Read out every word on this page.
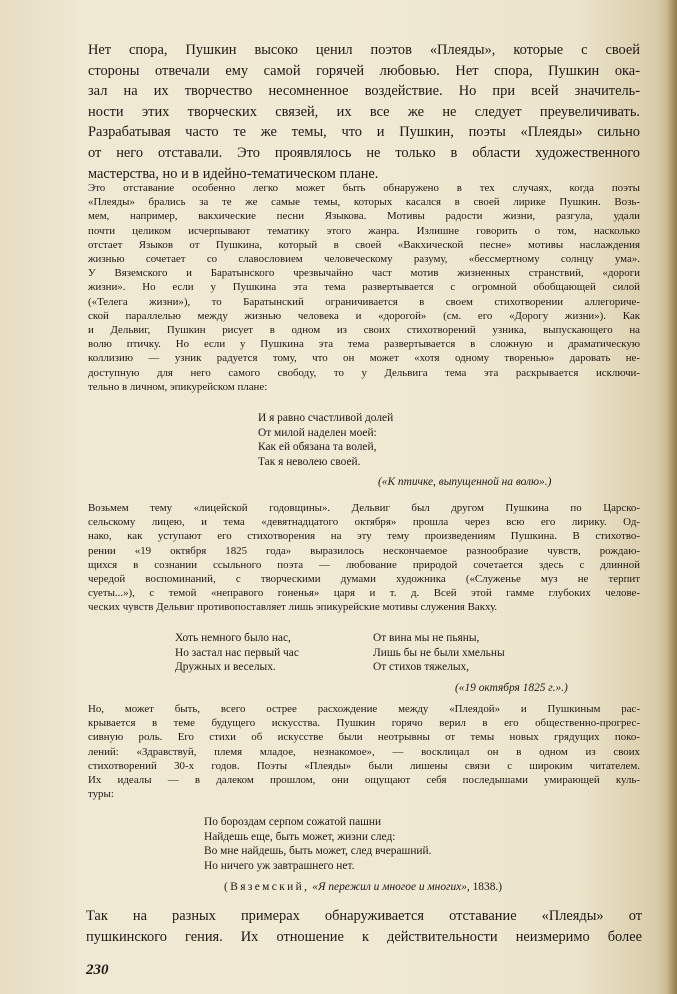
Нет спора, Пушкин высоко ценил поэтов «Плеяды», которые с своей
стороны отвечали ему самой горячей любовью. Нет спора, Пушкин ока-
зал на их творчество несомненное воздействие. Но при всей значитель-
ности этих творческих связей, их все же не следует преувеличивать.
Разрабатывая часто те же темы, что и Пушкин, поэты «Плеяды» сильно
от него отставали. Это проявлялось не только в области художественного
мастерства, но и в идейно-тематическом плане.
Это отставание особенно легко может быть обнаружено в тех случаях, когда поэты
«Плеяды» брались за те же самые темы, которых касался в своей лирике Пушкин. Возь-
мем, например, вакхические песни Языкова. Мотивы радости жизни, разгула, удали
почти целиком исчерпывают тематику этого жанра. Излишне говорить о том, насколько
отстает Языков от Пушкина, который в своей «Вакхической песне» мотивы наслаждения
жизнью сочетает со славословием человеческому разуму, «бессмертному солнцу ума».
У Вяземского и Баратынского чрезвычайно част мотив жизненных странствий, «дороги
жизни». Но если у Пушкина эта тема развертывается с огромной обобщающей силой
(«Телега жизни»), то Баратынский ограничивается в своем стихотворении аллегориче-
ской параллелью между жизнью человека и «дорогой» (см. его «Дорогу жизни»). Как
и Дельвиг, Пушкин рисует в одном из своих стихотворений узника, выпускающего на
волю птичку. Но если у Пушкина эта тема развертывается в сложную и драматическую
коллизию — узник радуется тому, что он может «хотя одному творенью» даровать не-
доступную для него самого свободу, то у Дельвига тема эта раскрывается исключи-
тельно в личном, эпикурейском плане:
И я равно счастливой долей
От милой наделен моей:
Как ей обязана та волей,
Так я неволею своей.
(«К птичке, выпущенной на волю».)
Возьмем тему «лицейской годовщины». Дельвиг был другом Пушкина по Царско-
сельскому лицею, и тема «девятнадцатого октября» прошла через всю его лирику. Од-
нако, как уступают его стихотворения на эту тему произведениям Пушкина. В стихотво-
рении «19 октября 1825 года» выразилось нескончаемое разнообразие чувств, рождаю-
щихся в сознании ссыльного поэта — любование природой сочетается здесь с длинной
чередой воспоминаний, с творческими думами художника («Служенье муз не терпит
суеты...»), с темой «неправого гоненья» царя и т. д. Всей этой гамме глубоких челове-
ческих чувств Дельвиг противопоставляет лишь эпикурейские мотивы служения Вакху.
Хоть немного было нас,
Но застал нас первый час
Дружных и веселых.
От вина мы не пьяны,
Лишь бы не были хмельны
От стихов тяжелых,
(«19 октября 1825 г.».)
Но, может быть, всего острее расхождение между «Плеядой» и Пушкиным рас-
крывается в теме будущего искусства. Пушкин горячо верил в его общественно-прогрес-
сивную роль. Его стихи об искусстве были неотрывны от темы новых грядущих поко-
лений: «Здравствуй, племя младое, незнакомое», — восклицал он в одном из своих
стихотворений 30-х годов. Поэты «Плеяды» были лишены связи с широким читателем.
Их идеалы — в далеком прошлом, они ощущают себя последышами умирающей куль-
туры:
По бороздам серпом сожатой пашни
Найдешь еще, быть может, жизни след:
Во мне найдешь, быть может, след вчерашний.
Но ничего уж завтрашнего нет.
(Вяземский, «Я пережил и многое и многих», 1838.)
Так на разных примерах обнаруживается отставание «Плеяды» от
пушкинского гения. Их отношение к действительности неизмеримо более
230
